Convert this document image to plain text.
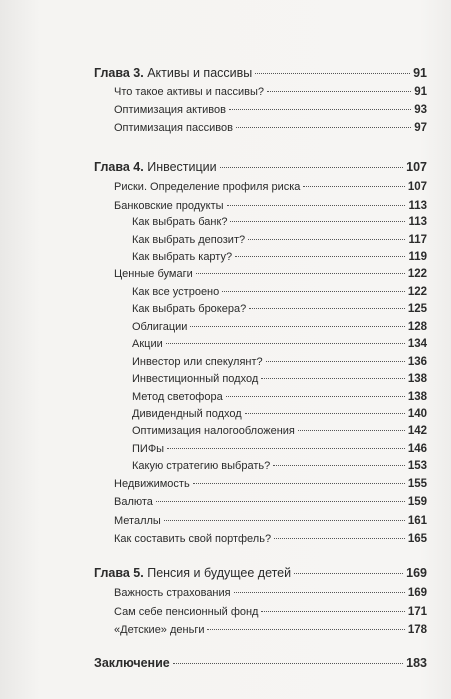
Глава 3. Активы и пассивы	91
Что такое активы и пассивы?	91
Оптимизация активов	93
Оптимизация пассивов	97
Глава 4. Инвестиции	107
Риски. Определение профиля риска	107
Банковские продукты	113
Как выбрать банк?	113
Как выбрать депозит?	117
Как выбрать карту?	119
Ценные бумаги	122
Как все устроено	122
Как выбрать брокера?	125
Облигации	128
Акции	134
Инвестор или спекулянт?	136
Инвестиционный подход	138
Метод светофора	138
Дивидендный подход	140
Оптимизация налогообложения	142
ПИФы	146
Какую стратегию выбрать?	153
Недвижимость	155
Валюта	159
Металлы	161
Как составить свой портфель?	165
Глава 5. Пенсия и будущее детей	169
Важность страхования	169
Сам себе пенсионный фонд	171
«Детские» деньги	178
Заключение	183
